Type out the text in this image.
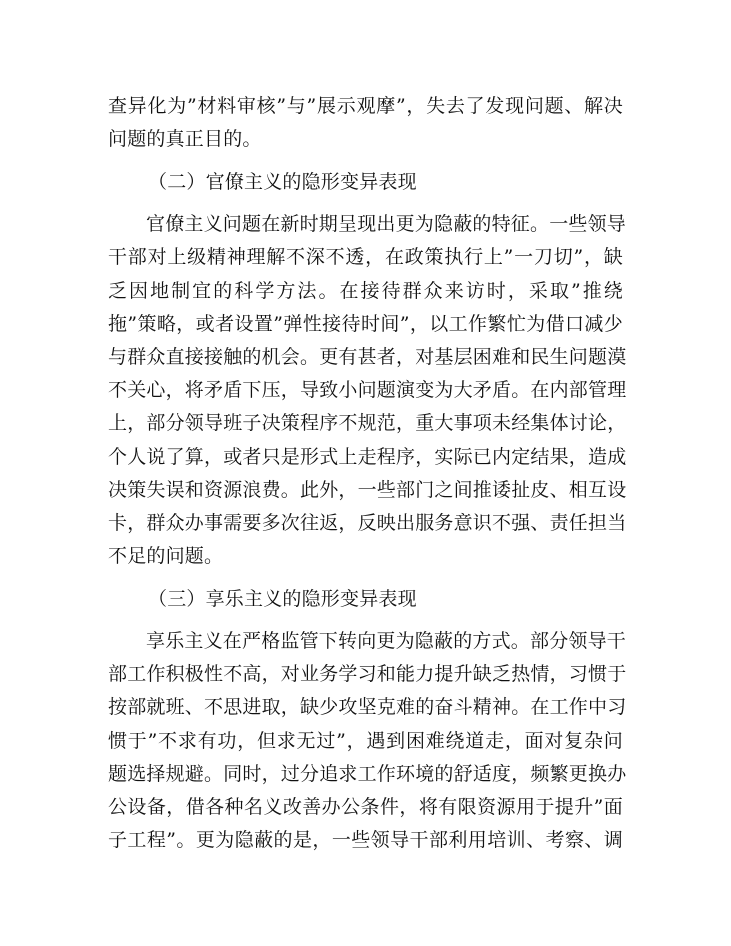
查异化为”材料审核”与”展示观摩”，失去了发现问题、解决
问题的真正目的。
（二）官僚主义的隐形变异表现
官僚主义问题在新时期呈现出更为隐蔽的特征。一些领导
干部对上级精神理解不深不透，在政策执行上”一刀切”，缺
乏因地制宜的科学方法。在接待群众来访时，采取”推绕
拖”策略，或者设置”弹性接待时间”，以工作繁忙为借口减少
与群众直接接触的机会。更有甚者，对基层困难和民生问题漠
不关心，将矛盾下压，导致小问题演变为大矛盾。在内部管理
上，部分领导班子决策程序不规范，重大事项未经集体讨论，
个人说了算，或者只是形式上走程序，实际已内定结果，造成
决策失误和资源浪费。此外，一些部门之间推诿扯皮、相互设
卡，群众办事需要多次往返，反映出服务意识不强、责任担当
不足的问题。
（三）享乐主义的隐形变异表现
享乐主义在严格监管下转向更为隐蔽的方式。部分领导干
部工作积极性不高，对业务学习和能力提升缺乏热情，习惯于
按部就班、不思进取，缺少攻坚克难的奋斗精神。在工作中习
惯于”不求有功，但求无过”，遇到困难绕道走，面对复杂问
题选择规避。同时，过分追求工作环境的舒适度，频繁更换办
公设备，借各种名义改善办公条件，将有限资源用于提升”面
子工程”。更为隐蔽的是，一些领导干部利用培训、考察、调
